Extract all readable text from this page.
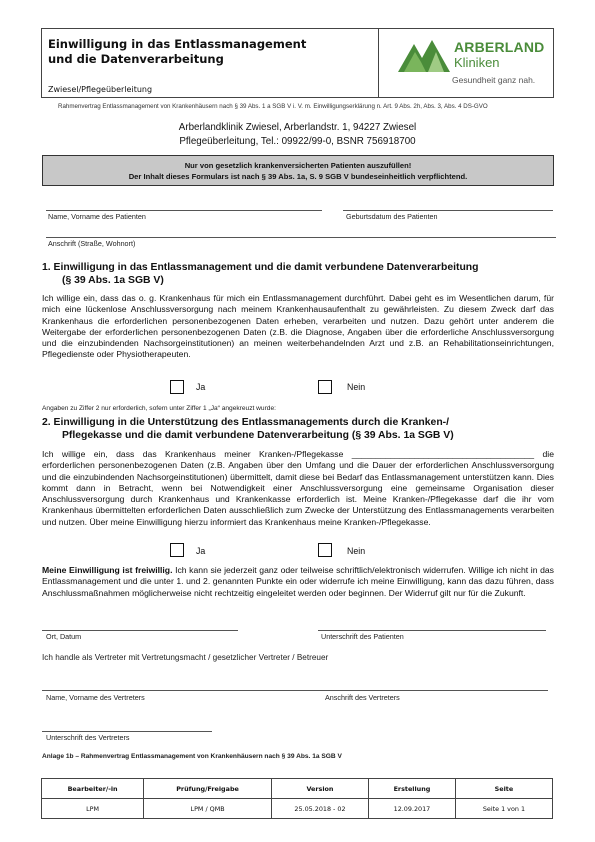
Einwilligung in das Entlassmanagement
und die Datenverarbeitung
Zwiesel/Pflegeüberleitung
ARBERLAND
Kliniken
Gesundheit ganz nah.
Rahmenvertrag Entlassmanagement von Krankenhäusern nach § 39 Abs. 1 a SGB V i. V. m. Einwilligungserklärung n. Art. 9 Abs. 2h, Abs. 3, Abs. 4 DS-GVO
Arberlandklinik Zwiesel, Arberlandstr. 1, 94227 Zwiesel
Pflegeüberleitung, Tel.: 09922/99-0, BSNR 756918700
Nur von gesetzlich krankenversicherten Patienten auszufüllen!
Der Inhalt dieses Formulars ist nach § 39 Abs. 1a, S. 9 SGB V bundeseinheitlich verpflichtend.
Name, Vorname des Patienten	Geburtsdatum des Patienten
Anschrift (Straße, Wohnort)
1. Einwilligung in das Entlassmanagement und die damit verbundene Datenverarbeitung
(§ 39 Abs. 1a SGB V)
Ich willige ein, dass das o. g. Krankenhaus für mich ein Entlassmanagement durchführt. Dabei geht es im Wesentlichen darum, für mich eine lückenlose Anschlussversorgung nach meinem Krankenhausaufenthalt zu gewährleisten. Zu diesem Zweck darf das Krankenhaus die erforderlichen personenbezogenen Daten erheben, verarbeiten und nutzen. Dazu gehört unter anderem die Weitergabe der erforderlichen personenbezogenen Daten (z.B. die Diagnose, Angaben über die erforderliche Anschlussversorgung und die einzubindenden Nachsorgeinstitutionen) an meinen weiterbehandelnden Arzt und z.B. an Rehabilitationseinrichtungen, Pflegedienste oder Physiotherapeuten.
Ja	Nein
Angaben zu Ziffer 2 nur erforderlich, sofern unter Ziffer 1 „Ja“ angekreuzt wurde:
2. Einwilligung in die Unterstützung des Entlassmanagements durch die Kranken-/
Pflegekasse und die damit verbundene Datenverarbeitung (§ 39 Abs. 1a SGB V)
Ich willige ein, dass das Krankenhaus meiner Kranken-/Pflegekasse ______________________________________ die erforderlichen personenbezogenen Daten (z.B. Angaben über den Umfang und die Dauer der erforderlichen Anschlussversorgung und die einzubindenden Nachsorgeinstitutionen) übermittelt, damit diese bei Bedarf das Entlassmanagement unterstützen kann. Dies kommt dann in Betracht, wenn bei Notwendigkeit einer Anschlussversorgung eine gemeinsame Organisation dieser Anschlussversorgung durch Krankenhaus und Krankenkasse erforderlich ist. Meine Kranken-/Pflegekasse darf die ihr vom Krankenhaus übermittelten erforderlichen Daten ausschließlich zum Zwecke der Unterstützung des Entlassmanagements verarbeiten und nutzen. Über meine Einwilligung hierzu informiert das Krankenhaus meine Kranken-/Pflegekasse.
Ja	Nein
Meine Einwilligung ist freiwillig. Ich kann sie jederzeit ganz oder teilweise schriftlich/elektronisch widerrufen. Willige ich nicht in das Entlassmanagement und die unter 1. und 2. genannten Punkte ein oder widerrufe ich meine Einwilligung, kann das dazu führen, dass Anschlussmaßnahmen möglicherweise nicht rechtzeitig eingeleitet werden oder beginnen. Der Widerruf gilt nur für die Zukunft.
Ort, Datum	Unterschrift des Patienten
Ich handle als Vertreter mit Vertretungsmacht / gesetzlicher Vertreter / Betreuer
Name, Vorname des Vertreters	Anschrift des Vertreters
Unterschrift des Vertreters
Anlage 1b – Rahmenvertrag Entlassmanagement von Krankenhäusern nach § 39 Abs. 1a SGB V
Bearbeiter/-in	Prüfung/Freigabe	Version	Erstellung	Seite
LPM	LPM / QMB	25.05.2018 - 02	12.09.2017	Seite 1 von 1
